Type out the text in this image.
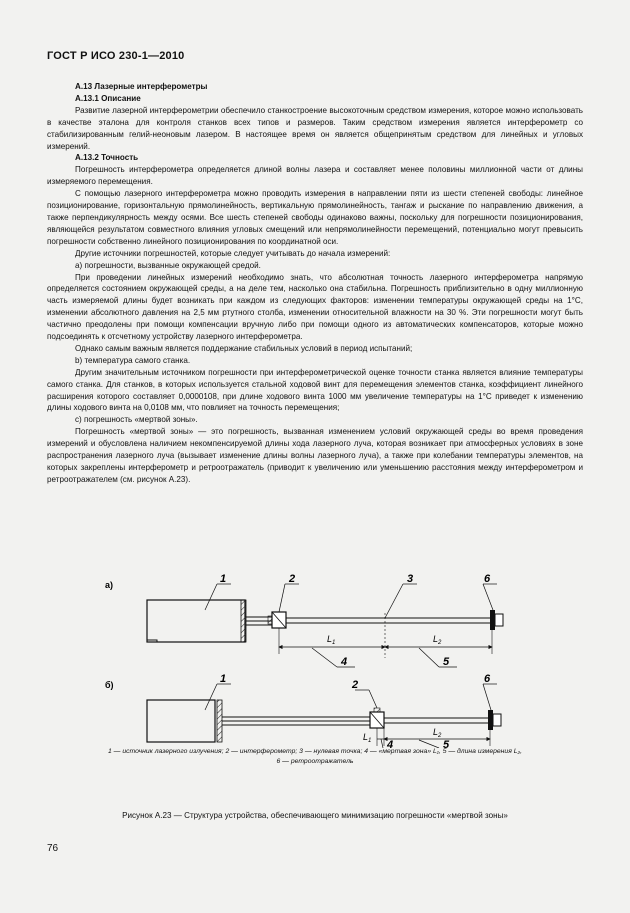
ГОСТ Р ИСО 230-1—2010

А.13 Лазерные интерферометры

А.13.1 Описание

Развитие лазерной интерферометрии обеспечило станкостроение высокоточным средством измерения, которое можно использовать в качестве эталона для контроля станков всех типов и размеров. Таким средством измерения является интерферометр со стабилизированным гелий-неоновым лазером. В настоящее время он является общепринятым средством для линейных и угловых измерений.

А.13.2 Точность

Погрешность интерферометра определяется длиной волны лазера и составляет менее половины миллионной части от длины измеряемого перемещения.

С помощью лазерного интерферометра можно проводить измерения в направлении пяти из шести степеней свободы: линейное позиционирование, горизонтальную прямолинейность, вертикальную прямолинейность, тангаж и рыскание по направлению движения, а также перпендикулярность между осями. Все шесть степеней свободы одинаково важны, поскольку для погрешности позиционирования, являющейся результатом совместного влияния угловых смещений или непрямолинейности перемещений, потенциально могут превысить погрешности собственно линейного позиционирования по координатной оси.

Другие источники погрешностей, которые следует учитывать до начала измерений:

а) погрешности, вызванные окружающей средой.

При проведении линейных измерений необходимо знать, что абсолютная точность лазерного интерферометра напрямую определяется состоянием окружающей среды, а на деле тем, насколько она стабильна. Погрешность приблизительно в одну миллионную часть измеряемой длины будет возникать при каждом из следующих факторов: изменении температуры окружающей среды на 1°С, изменении абсолютного давления на 2,5 мм ртутного столба, изменении относительной влажности на 30 %. Эти погрешности могут быть частично преодолены при помощи компенсации вручную либо при помощи одного из автоматических компенсаторов, которые можно подсоединять к отсчетному устройству лазерного интерферометра.

Однако самым важным является поддержание стабильных условий в период испытаний;

b) температура самого станка.

Другим значительным источником погрешности при интерферометрической оценке точности станка является влияние температуры самого станка. Для станков, в которых используется стальной ходовой винт для перемещения элементов станка, коэффициент линейного расширения которого составляет 0,0000108, при длине ходового винта 1000 мм увеличение температуры на 1°С приведет к изменению длины ходового винта на 0,0108 мм, что повлияет на точность перемещения;

с) погрешность «мертвой зоны».

Погрешность «мертвой зоны» — это погрешность, вызванная изменением условий окружающей среды во время проведения измерений и обусловлена наличием некомпенсируемой длины хода лазерного луча, которая возникает при атмосферных условиях в зоне распространения лазерного луча (вызывает изменение длины волны лазерного луча), а также при колебании температуры элементов, на которых закреплены интерферометр и ретроотражатель (приводит к увеличению или уменьшению расстояния между интерферометром и ретроотражателем (см. рисунок А.23).

а)	1	2	3	6
$L_1$	$L_2$
4	5
б)	1	2	6
$L_1$
$L_2$
4	5
1 — источник лазерного излучения; 2 — интерферометр; 3 — нулевая точка; 4 — «мертвая зона» L₁, 5 — длина измерения L₂,
6 — ретроотражатель
Рисунок А.23 — Структура устройства, обеспечивающего минимизацию погрешности «мертвой зоны»
76
